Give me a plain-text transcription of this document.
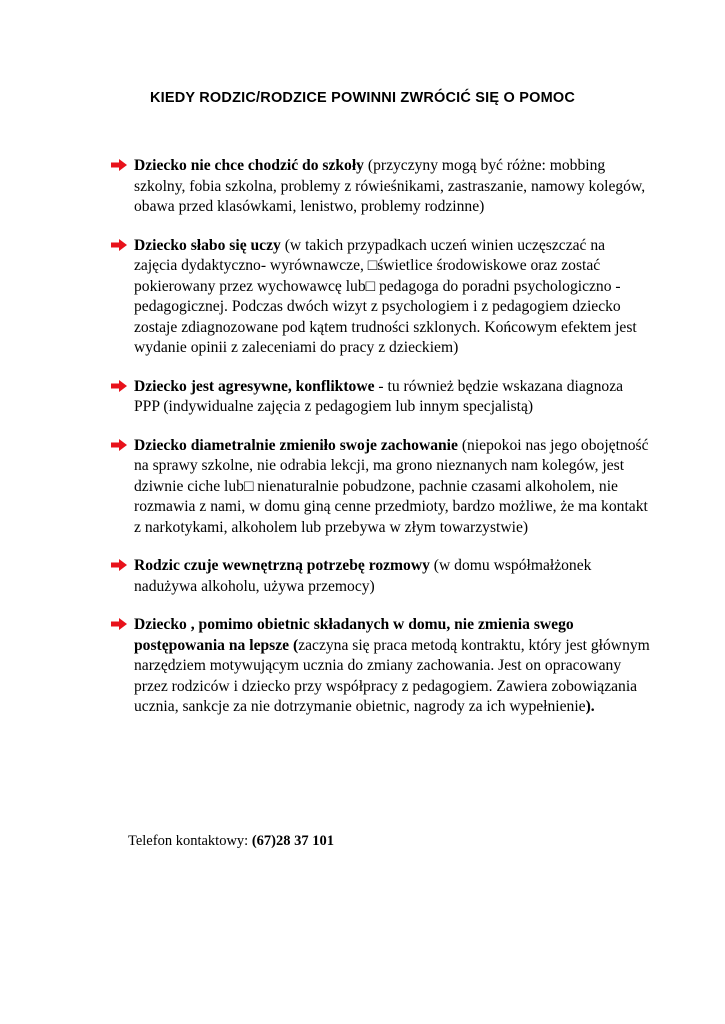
KIEDY RODZIC/RODZICE POWINNI ZWRÓCIĆ SIĘ O POMOC

Dziecko nie chce chodzić do szkoły (przyczyny mogą być różne: mobbing szkolny, fobia szkolna, problemy z rówieśnikami, zastraszanie, namowy kolegów, obawa przed klasówkami, lenistwo, problemy rodzinne)

Dziecko słabo się uczy (w takich przypadkach uczeń winien uczęszczać na zajęcia dydaktyczno- wyrównawcze, □świetlice środowiskowe oraz zostać pokierowany przez wychowawcę lub□ pedagoga do poradni psychologiczno - pedagogicznej. Podczas dwóch wizyt z psychologiem i z pedagogiem dziecko zostaje zdiagnozowane pod kątem trudności szklonych. Końcowym efektem jest wydanie opinii z zaleceniami do pracy z dzieckiem)

Dziecko jest agresywne, konfliktowe - tu również będzie wskazana diagnoza PPP (indywidualne zajęcia z pedagogiem lub innym specjalistą)

Dziecko diametralnie zmieniło swoje zachowanie (niepokoi nas jego obojętność na sprawy szkolne, nie odrabia lekcji, ma grono nieznanych nam kolegów, jest dziwnie ciche lub□ nienaturalnie pobudzone, pachnie czasami alkoholem, nie rozmawia z nami, w domu giną cenne przedmioty, bardzo możliwe, że ma kontakt z narkotykami, alkoholem lub przebywa w złym towarzystwie)

Rodzic czuje wewnętrzną potrzebę rozmowy (w domu współmałżonek nadużywa alkoholu, używa przemocy)

Dziecko , pomimo obietnic składanych w domu, nie zmienia swego postępowania na lepsze (zaczyna się praca metodą kontraktu, który jest głównym narzędziem motywującym ucznia do zmiany zachowania. Jest on opracowany przez rodziców i dziecko przy współpracy z pedagogiem. Zawiera zobowiązania ucznia, sankcje za nie dotrzymanie obietnic, nagrody za ich wypełnienie).

Telefon kontaktowy: (67)28 37 101
